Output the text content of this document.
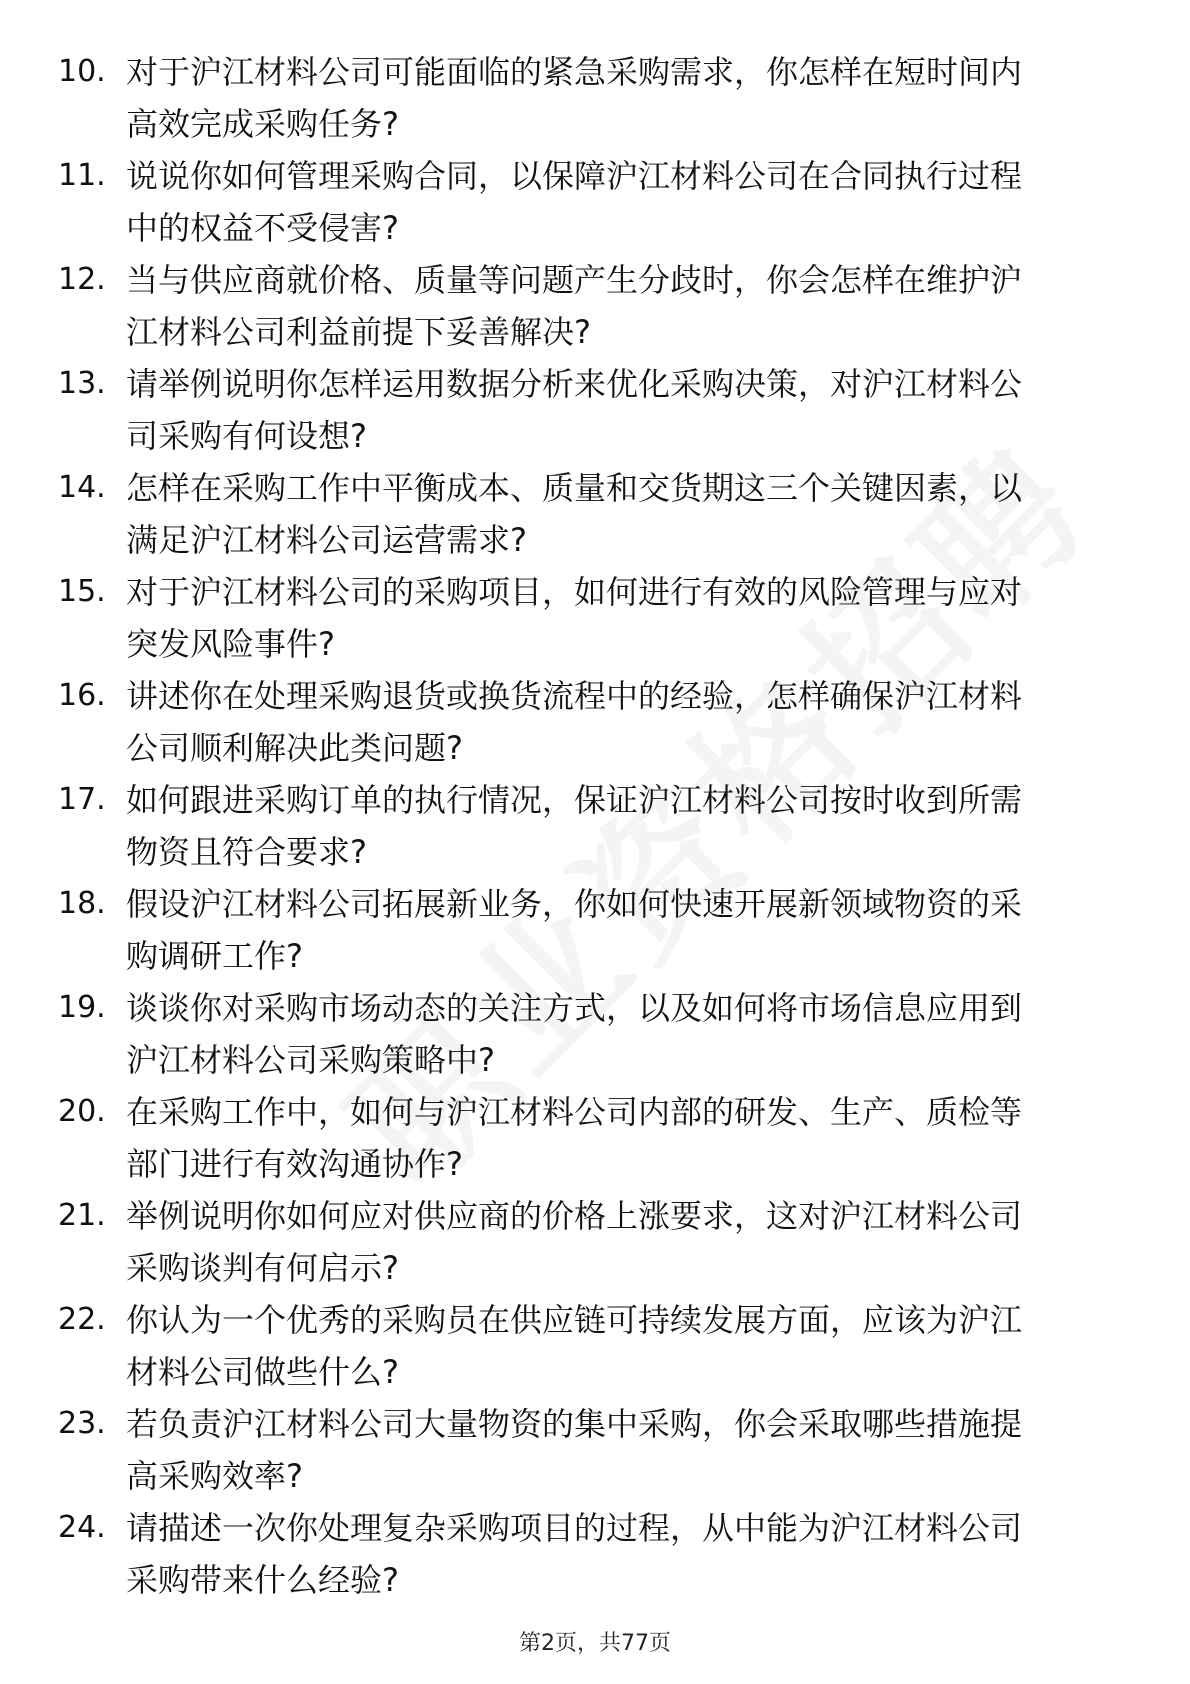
10. 对于沪江材料公司可能面临的紧急采购需求，你怎样在短时间内
高效完成采购任务?
11. 说说你如何管理采购合同，以保障沪江材料公司在合同执行过程
中的权益不受侵害?
12. 当与供应商就价格、质量等问题产生分歧时，你会怎样在维护沪
江材料公司利益前提下妥善解决?
13. 请举例说明你怎样运用数据分析来优化采购决策，对沪江材料公
司采购有何设想?
14. 怎样在采购工作中平衡成本、质量和交货期这三个关键因素，以
满足沪江材料公司运营需求?
15. 对于沪江材料公司的采购项目，如何进行有效的风险管理与应对
突发风险事件?
16. 讲述你在处理采购退货或换货流程中的经验，怎样确保沪江材料
公司顺利解决此类问题?
17. 如何跟进采购订单的执行情况，保证沪江材料公司按时收到所需
物资且符合要求?
18. 假设沪江材料公司拓展新业务，你如何快速开展新领域物资的采
购调研工作?
19. 谈谈你对采购市场动态的关注方式，以及如何将市场信息应用到
沪江材料公司采购策略中?
20. 在采购工作中，如何与沪江材料公司内部的研发、生产、质检等
部门进行有效沟通协作?
21. 举例说明你如何应对供应商的价格上涨要求，这对沪江材料公司
采购谈判有何启示?
22. 你认为一个优秀的采购员在供应链可持续发展方面，应该为沪江
材料公司做些什么?
23. 若负责沪江材料公司大量物资的集中采购，你会采取哪些措施提
高采购效率?
24. 请描述一次你处理复杂采购项目的过程，从中能为沪江材料公司
采购带来什么经验?
第2页，共77页
